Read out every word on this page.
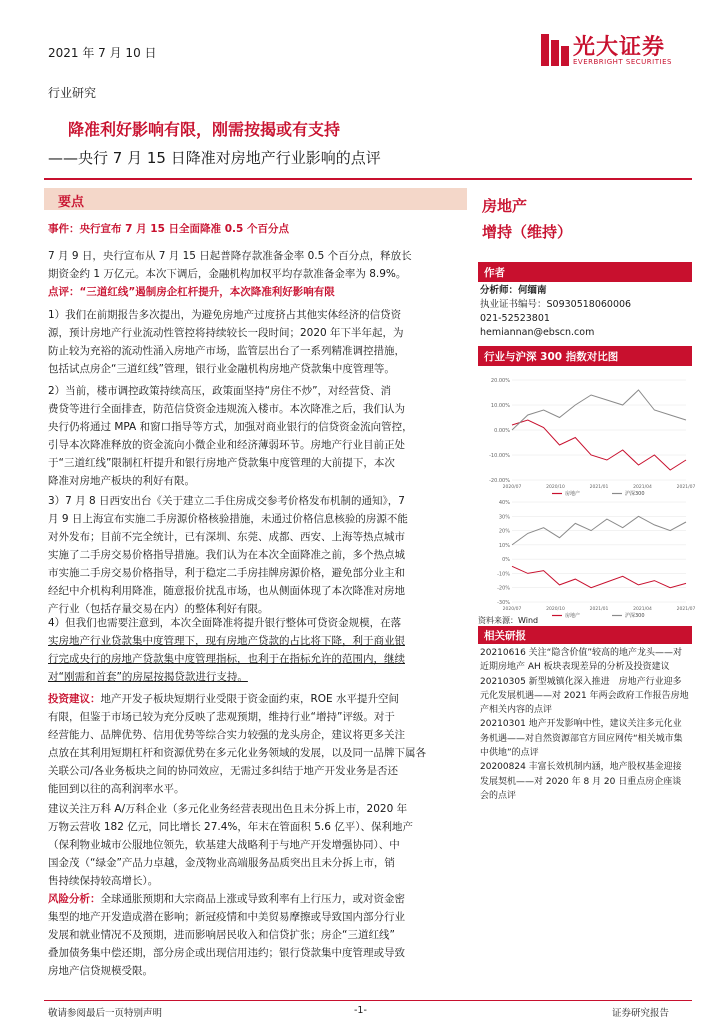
2021 年 7 月 10 日	光大证券
EVERBRIGHT SECURITIES
行业研究
降准利好影响有限，刚需按揭或有支持
——央行 7 月 15 日降准对房地产行业影响的点评
要点

事件：央行宣布 7 月 15 日全面降准 0.5 个百分点

7 月 9 日，央行宣布从 7 月 15 日起普降存款准备金率 0.5 个百分点，释放长

期资金约 1 万亿元。本次下调后，金融机构加权平均存款准备金率为 8.9%。

点评：“三道红线”遏制房企杠杆提升，本次降准利好影响有限

1）我们在前期报告多次提出，为避免房地产过度挤占其他实体经济的信贷资

源，预计房地产行业流动性管控将持续较长一段时间；2020 年下半年起，为

防止较为充裕的流动性涌入房地产市场，监管层出台了一系列精准调控措施，

包括试点房企“三道红线”管理，银行业金融机构房地产贷款集中度管理等。

2）当前，楼市调控政策持续高压，政策面坚持“房住不炒”，对经营贷、消

费贷等进行全面排查，防范信贷资金违规流入楼市。本次降准之后，我们认为

央行仍将通过 MPA 和窗口指导等方式，加强对商业银行的信贷资金流向管控，

引导本次降准释放的资金流向小微企业和经济薄弱环节。房地产行业目前正处

于“三道红线”限制杠杆提升和银行房地产贷款集中度管理的大前提下，本次

降准对房地产板块的利好有限。

3）7 月 8 日西安出台《关于建立二手住房成交参考价格发布机制的通知》，7

月 9 日上海宣布实施二手房源价格核验措施，未通过价格信息核验的房源不能

对外发布；目前不完全统计，已有深圳、东莞、成都、西安、上海等热点城市

实施了二手房交易价格指导措施。我们认为在本次全面降准之前，多个热点城

市实施二手房交易价格指导，利于稳定二手房挂牌房源价格，避免部分业主和

经纪中介机构利用降准，随意报价扰乱市场，也从侧面体现了本次降准对房地

产行业（包括存量交易在内）的整体利好有限。

4）但我们也需要注意到，本次全面降准将提升银行整体可贷资金规模，在落

实房地产行业贷款集中度管理下，现有房地产贷款的占比将下降，利于商业银

行完成央行的房地产贷款集中度管理指标，也利于在指标允许的范围内，继续

对“刚需和首套”的房屋按揭贷款进行支持。

投资建议：地产开发子板块短期行业受限于资金面约束，ROE 水平提升空间

有限，但鉴于市场已较为充分反映了悲观预期，维持行业“增持”评级。对于

经营能力、品牌优势、信用优势等综合实力较强的龙头房企，建议将更多关注

点放在其利用短期杠杆和资源优势在多元化业务领域的发展，以及同一品牌下属各

关联公司/各业务板块之间的协同效应，无需过多纠结于地产开发业务是否还

能回到以往的高利润率水平。

建议关注万科 A/万科企业（多元化业务经营表现出色且未分拆上市，2020 年

万物云营收 182 亿元，同比增长 27.4%，年末在管面积 5.6 亿平）、保利地产

（保利物业城市公服地位领先，软基建大战略利于与地产开发增强协同）、中

国金茂（“绿金”产品力卓越，金茂物业高端服务品质突出且未分拆上市，销

售持续保持较高增长）。

风险分析：全球通胀预期和大宗商品上涨或导致利率有上行压力，或对资金密

集型的地产开发造成潜在影响；新冠疫情和中美贸易摩擦或导致国内部分行业

发展和就业情况不及预期，进而影响居民收入和信贷扩张；房企“三道红线”

叠加债务集中偿还期，部分房企或出现信用违约；银行贷款集中度管理或导致

房地产信贷规模受限。

房地产
增持（维持）
作者
分析师：何缅南
执业证书编号：S0930518060006
021-52523801
hemiannan@ebscn.com
行业与沪深 300 指数对比图
20.00%
10.00%
0.00%
-10.00%
-20.00%
2020/07	2020/10	2021/01	2021/04	2021/07
房地产	沪深300
40%
30%
20%
10%
0%
-10%
-20%
-30%
2020/07	2020/10	2021/01	2021/04	2021/07
房地产	沪深300
资料来源：Wind
相关研报

20210616 关注“隐含价值”较高的地产龙头——对近期房地产 AH 板块表现差异的分析及投资建议

20210305 新型城镇化深入推进　房地产行业迎多元化发展机遇——对 2021 年两会政府工作报告房地产相关内容的点评

20210301 地产开发影响中性，建议关注多元化业务机遇——对自然资源部官方回应网传“相关城市集中供地”的点评

20200824 丰富长效机制内涵，地产股权基金迎接发展契机——对 2020 年 8 月 20 日重点房企座谈会的点评

敬请参阅最后一页特别声明	-1-	证券研究报告
